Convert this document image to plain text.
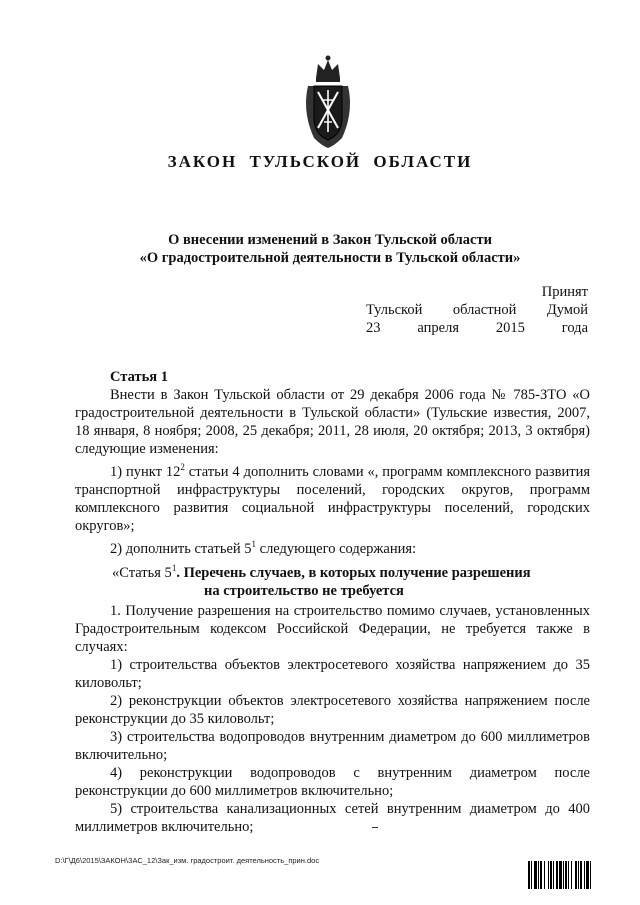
ЗАКОН ТУЛЬСКОЙ ОБЛАСТИ
О внесении изменений в Закон Тульской области
«О градостроительной деятельности в Тульской области»
Принят
Тульской областной Думой
23 апреля 2015 года

Статья 1

Внести в Закон Тульской области от 29 декабря 2006 года № 785-ЗТО «О градостроительной деятельности в Тульской области» (Тульские известия, 2007, 18 января, 8 ноября; 2008, 25 декабря; 2011, 28 июля, 20 октября; 2013, 3 октября) следующие изменения:

1) пункт $12^2$ статьи 4 дополнить словами «, программ комплексного развития транспортной инфраструктуры поселений, городских округов, программ комплексного развития социальной инфраструктуры поселений, городских округов»;

2) дополнить статьей $5^1$ следующего содержания:

«Статья $5^1$. Перечень случаев, в которых получение разрешения
на строительство не требуется

1. Получение разрешения на строительство помимо случаев, установленных Градостроительным кодексом Российской Федерации, не требуется также в случаях:

1) строительства объектов электросетевого хозяйства напряжением до 35 киловольт;

2) реконструкции объектов электросетевого хозяйства напряжением после реконструкции до 35 киловольт;

3) строительства водопроводов внутренним диаметром до 600 миллиметров включительно;

4) реконструкции водопроводов с внутренним диаметром после реконструкции до 600 миллиметров включительно;

5) строительства канализационных сетей внутренним диаметром до 400 миллиметров включительно;

D:\Г\Д6\2015\ЗАКОН\ЗАС_12\Зак_изм. градостроит. деятельность_прин.doc
